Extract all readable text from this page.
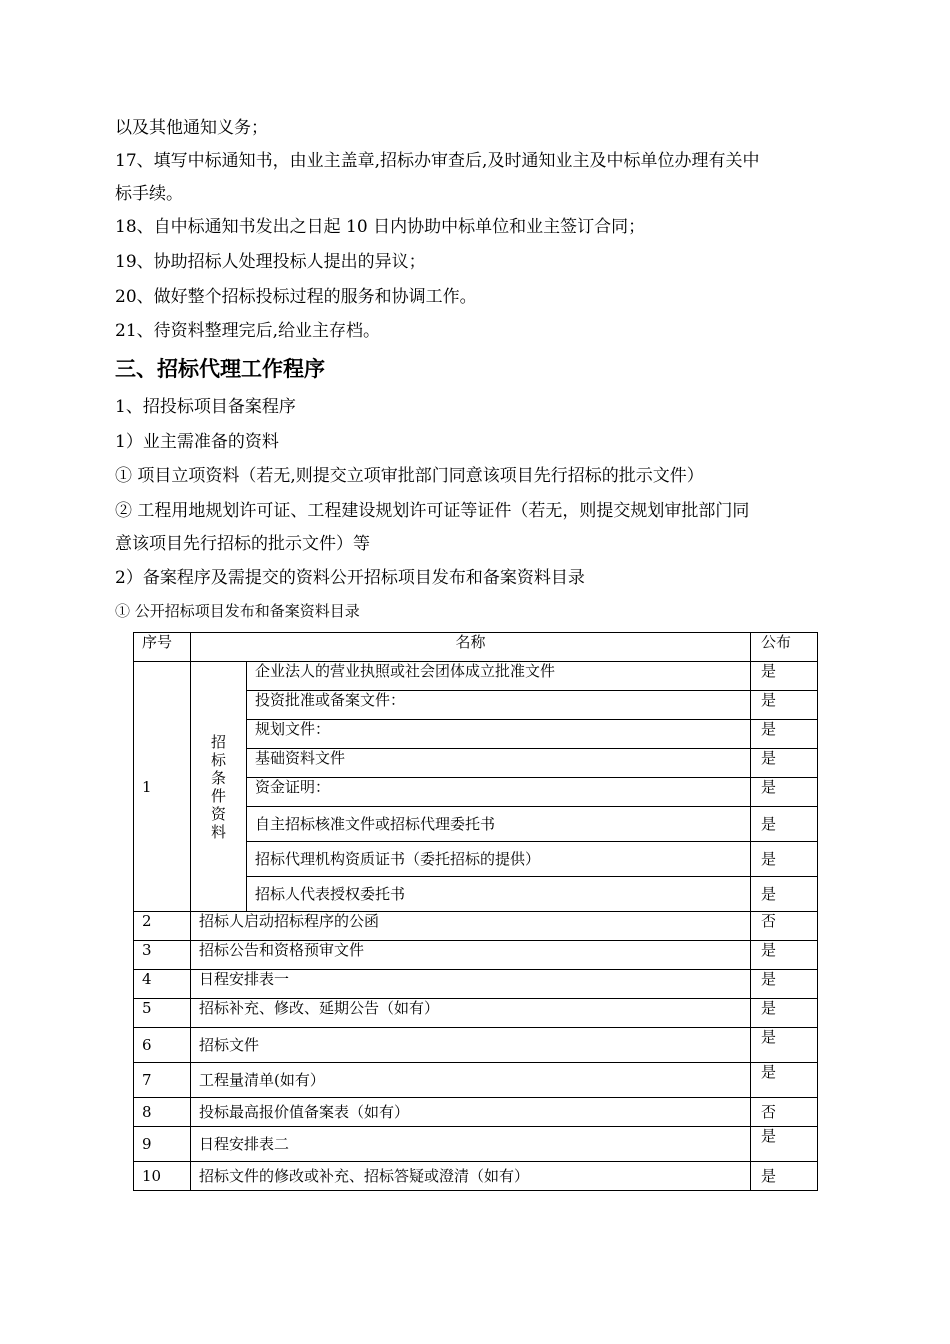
以及其他通知义务；
17、填写中标通知书，由业主盖章,招标办审查后,及时通知业主及中标单位办理有关中
标手续。
18、自中标通知书发出之日起 10 日内协助中标单位和业主签订合同；
19、协助招标人处理投标人提出的异议；
20、做好整个招标投标过程的服务和协调工作。
21、待资料整理完后,给业主存档。
三、招标代理工作程序
1、招投标项目备案程序
1）业主需准备的资料
① 项目立项资料（若无,则提交立项审批部门同意该项目先行招标的批示文件）
② 工程用地规划许可证、工程建设规划许可证等证件（若无，则提交规划审批部门同
意该项目先行招标的批示文件）等
2）备案程序及需提交的资料公开招标项目发布和备案资料目录
① 公开招标项目发布和备案资料目录
序号	名称		公布
1	招标条件资料	企业法人的营业执照或社会团体成立批准文件	是
		投资批准或备案文件：	是
		规划文件：	是
		基础资料文件	是
		资金证明：	是
		自主招标核准文件或招标代理委托书	是
		招标代理机构资质证书（委托招标的提供）	是
		招标人代表授权委托书	是
2	招标人启动招标程序的公函		否
3	招标公告和资格预审文件		是
4	日程安排表一		是
5	招标补充、修改、延期公告（如有）		是
6	招标文件		是
7	工程量清单(如有）		是
8	投标最高报价值备案表（如有）		否
9	日程安排表二		是
10	招标文件的修改或补充、招标答疑或澄清（如有）		是
